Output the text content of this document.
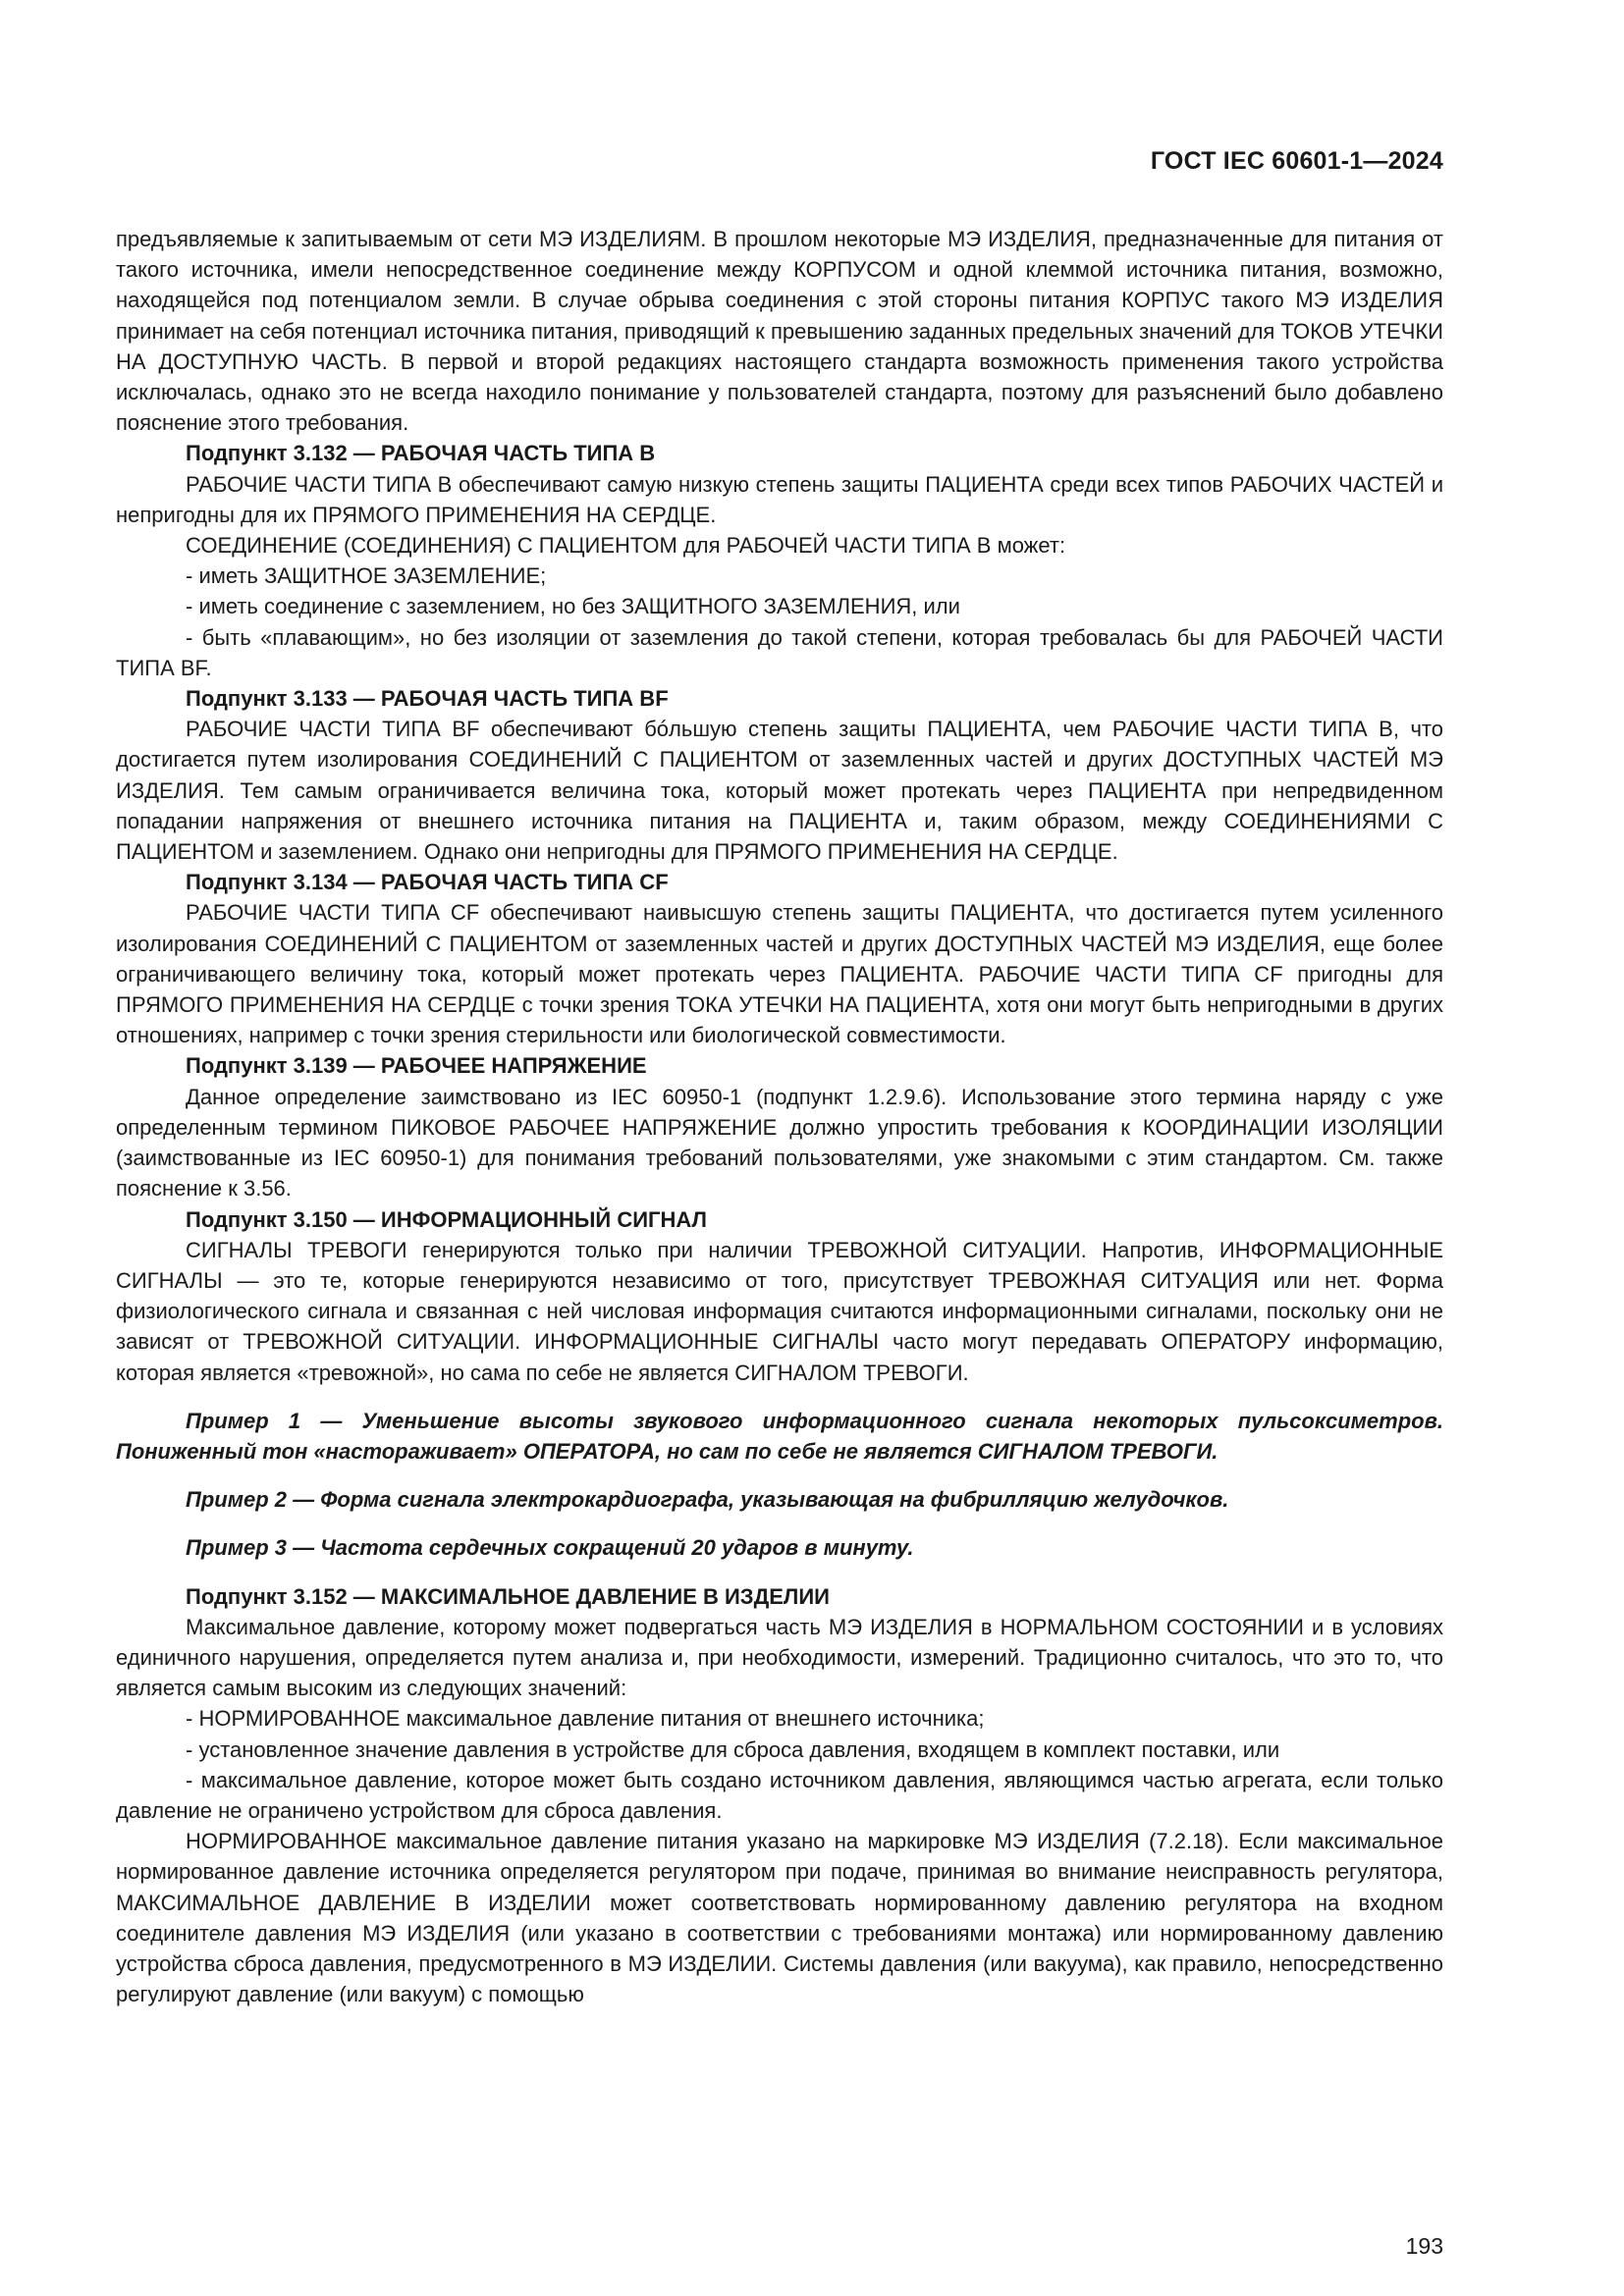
ГОСТ IEC 60601-1—2024

предъявляемые к запитываемым от сети МЭ ИЗДЕЛИЯМ. В прошлом некоторые МЭ ИЗДЕЛИЯ, предназначенные для питания от такого источника, имели непосредственное соединение между КОРПУСОМ и одной клеммой источника питания, возможно, находящейся под потенциалом земли. В случае обрыва соединения с этой стороны питания КОРПУС такого МЭ ИЗДЕЛИЯ принимает на себя потенциал источника питания, приводящий к превышению заданных предельных значений для ТОКОВ УТЕЧКИ НА ДОСТУПНУЮ ЧАСТЬ. В первой и второй редакциях настоящего стандарта возможность применения такого устройства исключалась, однако это не всегда находило понимание у пользователей стандарта, поэтому для разъяснений было добавлено пояснение этого требования.

Подпункт 3.132 — РАБОЧАЯ ЧАСТЬ ТИПА В

РАБОЧИЕ ЧАСТИ ТИПА В обеспечивают самую низкую степень защиты ПАЦИЕНТА среди всех типов РАБОЧИХ ЧАСТЕЙ и непригодны для их ПРЯМОГО ПРИМЕНЕНИЯ НА СЕРДЦЕ.

СОЕДИНЕНИЕ (СОЕДИНЕНИЯ) С ПАЦИЕНТОМ для РАБОЧЕЙ ЧАСТИ ТИПА В может:

- иметь ЗАЩИТНОЕ ЗАЗЕМЛЕНИЕ;

- иметь соединение с заземлением, но без ЗАЩИТНОГО ЗАЗЕМЛЕНИЯ, или

- быть «плавающим», но без изоляции от заземления до такой степени, которая требовалась бы для РАБОЧЕЙ ЧАСТИ ТИПА BF.

Подпункт 3.133 — РАБОЧАЯ ЧАСТЬ ТИПА BF

РАБОЧИЕ ЧАСТИ ТИПА BF обеспечивают бóльшую степень защиты ПАЦИЕНТА, чем РАБОЧИЕ ЧАСТИ ТИПА В, что достигается путем изолирования СОЕДИНЕНИЙ С ПАЦИЕНТОМ от заземленных частей и других ДОСТУПНЫХ ЧАСТЕЙ МЭ ИЗДЕЛИЯ. Тем самым ограничивается величина тока, который может протекать через ПАЦИЕНТА при непредвиденном попадании напряжения от внешнего источника питания на ПАЦИЕНТА и, таким образом, между СОЕДИНЕНИЯМИ С ПАЦИЕНТОМ и заземлением. Однако они непригодны для ПРЯМОГО ПРИМЕНЕНИЯ НА СЕРДЦЕ.

Подпункт 3.134 — РАБОЧАЯ ЧАСТЬ ТИПА CF

РАБОЧИЕ ЧАСТИ ТИПА CF обеспечивают наивысшую степень защиты ПАЦИЕНТА, что достигается путем усиленного изолирования СОЕДИНЕНИЙ С ПАЦИЕНТОМ от заземленных частей и других ДОСТУПНЫХ ЧАСТЕЙ МЭ ИЗДЕЛИЯ, еще более ограничивающего величину тока, который может протекать через ПАЦИЕНТА. РАБОЧИЕ ЧАСТИ ТИПА CF пригодны для ПРЯМОГО ПРИМЕНЕНИЯ НА СЕРДЦЕ с точки зрения ТОКА УТЕЧКИ НА ПАЦИЕНТА, хотя они могут быть непригодными в других отношениях, например с точки зрения стерильности или биологической совместимости.

Подпункт 3.139 — РАБОЧЕЕ НАПРЯЖЕНИЕ

Данное определение заимствовано из IEC 60950-1 (подпункт 1.2.9.6). Использование этого термина наряду с уже определенным термином ПИКОВОЕ РАБОЧЕЕ НАПРЯЖЕНИЕ должно упростить требования к КООРДИНАЦИИ ИЗОЛЯЦИИ (заимствованные из IEC 60950-1) для понимания требований пользователями, уже знакомыми с этим стандартом. См. также пояснение к 3.56.

Подпункт 3.150 — ИНФОРМАЦИОННЫЙ СИГНАЛ

СИГНАЛЫ ТРЕВОГИ генерируются только при наличии ТРЕВОЖНОЙ СИТУАЦИИ. Напротив, ИНФОРМАЦИОННЫЕ СИГНАЛЫ — это те, которые генерируются независимо от того, присутствует ТРЕВОЖНАЯ СИТУАЦИЯ или нет. Форма физиологического сигнала и связанная с ней числовая информация считаются информационными сигналами, поскольку они не зависят от ТРЕВОЖНОЙ СИТУАЦИИ. ИНФОРМАЦИОННЫЕ СИГНАЛЫ часто могут передавать ОПЕРАТОРУ информацию, которая является «тревожной», но сама по себе не является СИГНАЛОМ ТРЕВОГИ.

Пример 1 — Уменьшение высоты звукового информационного сигнала некоторых пульсоксиметров. Пониженный тон «настораживает» ОПЕРАТОРА, но сам по себе не является СИГНАЛОМ ТРЕВОГИ.

Пример 2 — Форма сигнала электрокардиографа, указывающая на фибрилляцию желудочков.

Пример 3 — Частота сердечных сокращений 20 ударов в минуту.

Подпункт 3.152 — МАКСИМАЛЬНОЕ ДАВЛЕНИЕ В ИЗДЕЛИИ

Максимальное давление, которому может подвергаться часть МЭ ИЗДЕЛИЯ в НОРМАЛЬНОМ СОСТОЯНИИ и в условиях единичного нарушения, определяется путем анализа и, при необходимости, измерений. Традиционно считалось, что это то, что является самым высоким из следующих значений:

- НОРМИРОВАННОЕ максимальное давление питания от внешнего источника;

- установленное значение давления в устройстве для сброса давления, входящем в комплект поставки, или

- максимальное давление, которое может быть создано источником давления, являющимся частью агрегата, если только давление не ограничено устройством для сброса давления.

НОРМИРОВАННОЕ максимальное давление питания указано на маркировке МЭ ИЗДЕЛИЯ (7.2.18). Если максимальное нормированное давление источника определяется регулятором при подаче, принимая во внимание неисправность регулятора, МАКСИМАЛЬНОЕ ДАВЛЕНИЕ В ИЗДЕЛИИ может соответствовать нормированному давлению регулятора на входном соединителе давления МЭ ИЗДЕЛИЯ (или указано в соответствии с требованиями монтажа) или нормированному давлению устройства сброса давления, предусмотренного в МЭ ИЗДЕЛИИ. Системы давления (или вакуума), как правило, непосредственно регулируют давление (или вакуум) с помощью

193
